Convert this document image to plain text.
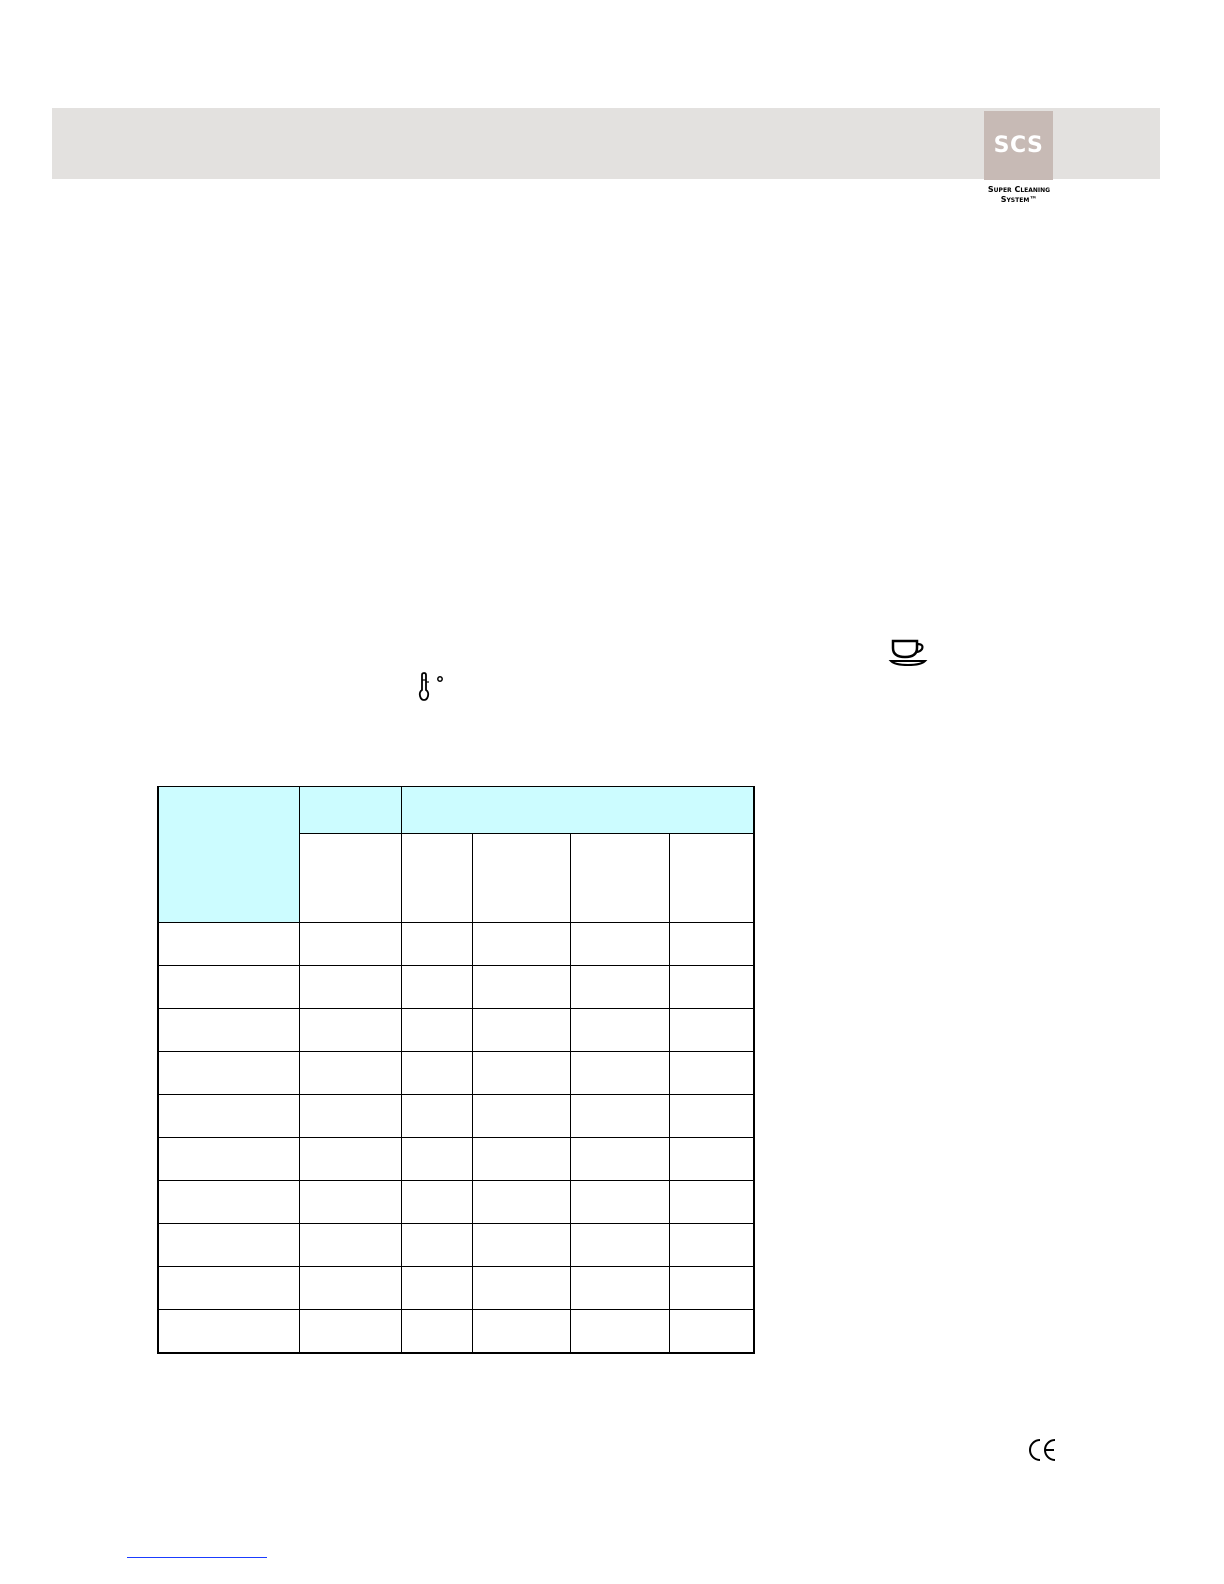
SCS
Super Cleaning
System™
